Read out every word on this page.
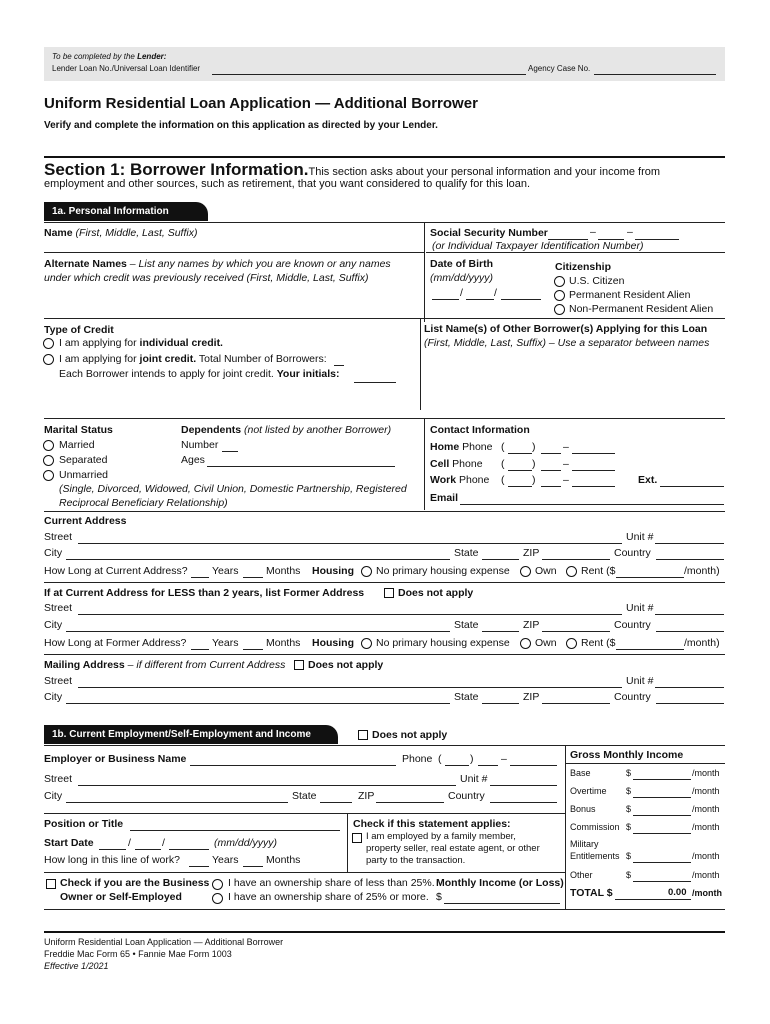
To be completed by the Lender:
Lender Loan No./Universal Loan Identifier	Agency Case No.
Uniform Residential Loan Application — Additional Borrower
Verify and complete the information on this application as directed by your Lender.
Section 1: Borrower Information.This section asks about your personal information and your income from
employment and other sources, such as retirement, that you want considered to qualify for this loan.
1a. Personal Information
Name (First, Middle, Last, Suffix)	Social Security Number	–	–
(or Individual Taxpayer Identification Number)
Alternate Names – List any names by which you are known or any names
under which credit was previously received (First, Middle, Last, Suffix)
Date of Birth
(mm/dd/yyyy)
/	/
Citizenship
U.S. Citizen
Permanent Resident Alien
Non-Permanent Resident Alien
Type of Credit
I am applying for individual credit.
I am applying for joint credit. Total Number of Borrowers:
Each Borrower intends to apply for joint credit. Your initials:
List Name(s) of Other Borrower(s) Applying for this Loan
(First, Middle, Last, Suffix) – Use a separator between names
Marital Status
Married
Separated
Unmarried
(Single, Divorced, Widowed, Civil Union, Domestic Partnership, Registered
Reciprocal Beneficiary Relationship)
Dependents (not listed by another Borrower)
Number
Ages
Contact Information
Home Phone (	)	–
Cell Phone (	)	–
Work Phone (	)	–	Ext.
Email
Current Address
Street	Unit #
City	State	ZIP	Country
How Long at Current Address? Years	Months Housing No primary housing expense Own Rent ($	/month)
If at Current Address for LESS than 2 years, list Former Address	Does not apply
Street	Unit #
City	State	ZIP	Country
How Long at Former Address? Years	Months Housing No primary housing expense Own Rent ($	/month)
Mailing Address – if different from Current Address Does not apply
Street	Unit #
City	State	ZIP	Country
1b. Current Employment/Self-Employment and Income	Does not apply
Employer or Business Name	Phone (	)	–
Street	Unit #
City	State	ZIP	Country
Position or Title
Start Date	/	/	(mm/dd/yyyy)
How long in this line of work?	Years	Months
Check if this statement applies:
I am employed by a family member,
property seller, real estate agent, or other
party to the transaction.
Check if you are the Business
Owner or Self-Employed
I have an ownership share of less than 25%. Monthly Income (or Loss)
I have an ownership share of 25% or more. $
Gross Monthly Income
Base	$	/month
Overtime $	/month
Bonus	$	/month
Commission $	/month
Military
Entitlements $	/month
Other	$	/month
TOTAL $	0.00 /month
Uniform Residential Loan Application — Additional Borrower
Freddie Mac Form 65 • Fannie Mae Form 1003
Effective 1/2021
